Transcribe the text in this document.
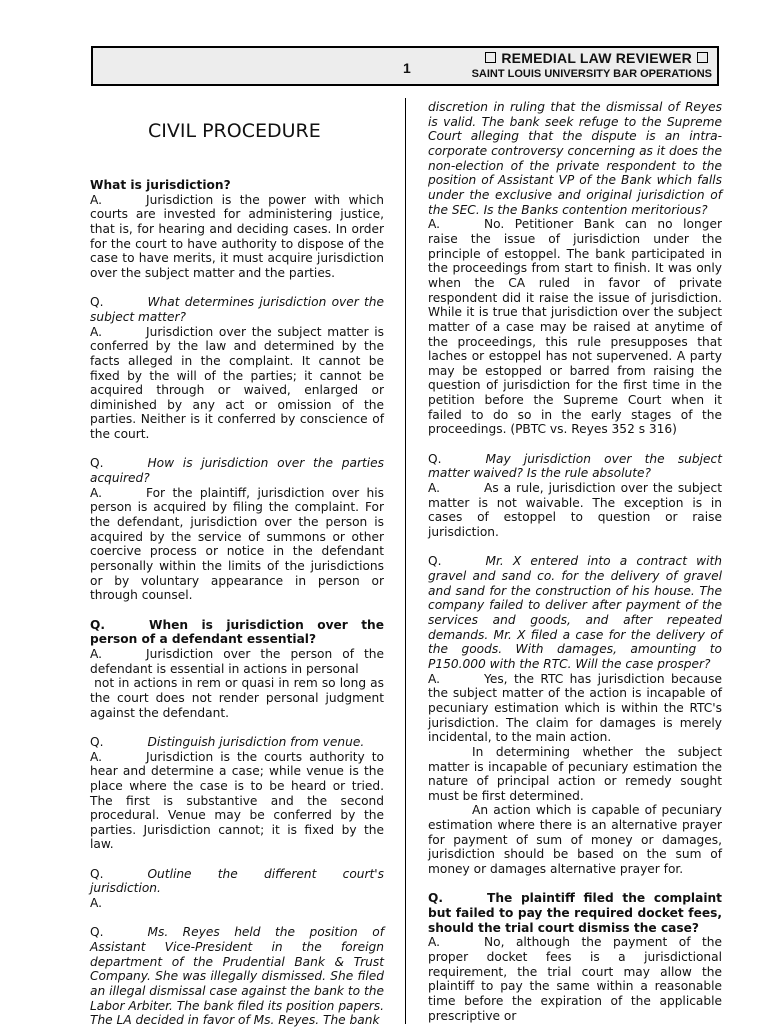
1
REMEDIAL LAW REVIEWER
SAINT LOUIS UNIVERSITY BAR OPERATIONS
CIVIL PROCEDURE

What is jurisdiction?

A.	Jurisdiction is the power with which courts are invested for administering justice, that is, for hearing and deciding cases. In order for the court to have authority to dispose of the case to have merits, it must acquire jurisdiction over the subject matter and the parties.

Q.	What determines jurisdiction over the subject matter?

A.	Jurisdiction over the subject matter is conferred by the law and determined by the facts alleged in the complaint. It cannot be fixed by the will of the parties; it cannot be acquired through or waived, enlarged or diminished by any act or omission of the parties. Neither is it conferred by conscience of the court.

Q.	How is jurisdiction over the parties acquired?

A.	For the plaintiff, jurisdiction over his person is acquired by filing the complaint. For the defendant, jurisdiction over the person is acquired by the service of summons or other coercive process or notice in the defendant personally within the limits of the jurisdictions or by voluntary appearance in person or through counsel.

Q.	When is jurisdiction over the person of a defendant essential?

A.	Jurisdiction over the person of the defendant is essential in actions in personal

not in actions in rem or quasi in rem so long as the court does not render personal judgment against the defendant.

Q.	Distinguish jurisdiction from venue.

A.	Jurisdiction is the courts authority to hear and determine a case; while venue is the place where the case is to be heard or tried. The first is substantive and the second procedural. Venue may be conferred by the parties. Jurisdiction cannot; it is fixed by the law.

Q.	Outline the different court's jurisdiction.

A.

Q.	Ms. Reyes held the position of Assistant Vice-President in the foreign department of the Prudential Bank & Trust Company. She was illegally dismissed. She filed an illegal dismissal case against the bank to the Labor Arbiter. The bank filed its position papers. The LA decided in favor of Ms. Reyes. The bank

discretion in ruling that the dismissal of Reyes is valid. The bank seek refuge to the Supreme Court alleging that the dispute is an intra-corporate controversy concerning as it does the non-election of the private respondent to the position of Assistant VP of the Bank which falls under the exclusive and original jurisdiction of the SEC. Is the Banks contention meritorious?

A.	No. Petitioner Bank can no longer raise the issue of jurisdiction under the principle of estoppel. The bank participated in the proceedings from start to finish. It was only when the CA ruled in favor of private respondent did it raise the issue of jurisdiction. While it is true that jurisdiction over the subject matter of a case may be raised at anytime of the proceedings, this rule presupposes that laches or estoppel has not supervened. A party may be estopped or barred from raising the question of jurisdiction for the first time in the petition before the Supreme Court when it failed to do so in the early stages of the proceedings. (PBTC vs. Reyes 352 s 316)

Q.	May jurisdiction over the subject matter waived? Is the rule absolute?

A.	As a rule, jurisdiction over the subject matter is not waivable. The exception is in cases of estoppel to question or raise jurisdiction.

Q.	Mr. X entered into a contract with gravel and sand co. for the delivery of gravel and sand for the construction of his house. The company failed to deliver after payment of the services and goods, and after repeated demands. Mr. X filed a case for the delivery of the goods. With damages, amounting to P150.000 with the RTC. Will the case prosper?

A.	Yes, the RTC has jurisdiction because the subject matter of the action is incapable of pecuniary estimation which is within the RTC's jurisdiction. The claim for damages is merely incidental, to the main action.

In determining whether the subject matter is incapable of pecuniary estimation the nature of principal action or remedy sought must be first determined.

An action which is capable of pecuniary estimation where there is an alternative prayer for payment of sum of money or damages, jurisdiction should be based on the sum of money or damages alternative prayer for.

Q.	The plaintiff filed the complaint but failed to pay the required docket fees, should the trial court dismiss the case?

A.	No, although the payment of the proper docket fees is a jurisdictional requirement, the trial court may allow the plaintiff to pay the same within a reasonable time before the expiration of the applicable prescriptive or
